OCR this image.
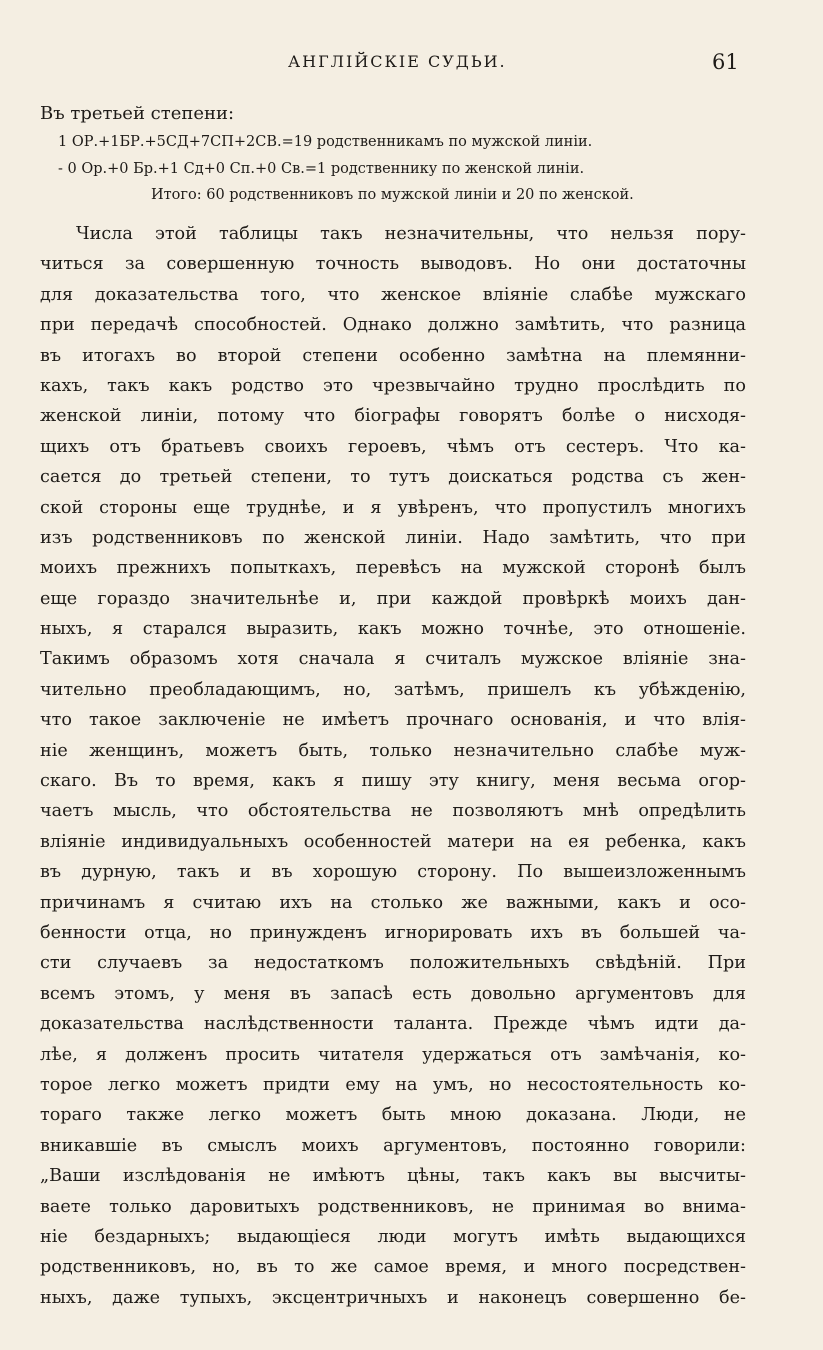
АНГЛІЙСКІЕ СУДЬИ.	61
Въ третьей степени:
1 ОР.+1БР.+5СД+7СП+2СВ.=19 родственникамъ по мужской линіи.
- 0 Ор.+0 Бр.+1 Сд+0 Сп.+0 Св.=1 родственнику по женской линіи.
Итого: 60 родственниковъ по мужской линіи и 20 по женской.
Числа этой таблицы такъ незначительны, что нельзя пору-
читься за совершенную точность выводовъ. Но они достаточны
для доказательства того, что женское вліяніе слабѣе мужскаго
при передачѣ способностей. Однако должно замѣтить, что разница
въ итогахъ во второй степени особенно замѣтна на племянни-
кахъ, такъ какъ родство это чрезвычайно трудно прослѣдить по
женской линіи, потому что біографы говорятъ болѣе о нисходя-
щихъ отъ братьевъ своихъ героевъ, чѣмъ отъ сестеръ. Что ка-
сается до третьей степени, то тутъ доискаться родства съ жен-
ской стороны еще труднѣе, и я увѣренъ, что пропустилъ многихъ
изъ родственниковъ по женской линіи. Надо замѣтить, что при
моихъ прежнихъ попыткахъ, перевѣсъ на мужской сторонѣ былъ
еще гораздо значительнѣе и, при каждой провѣркѣ моихъ дан-
ныхъ, я старался выразить, какъ можно точнѣе, это отношеніе.
Такимъ образомъ хотя сначала я считалъ мужское вліяніе зна-
чительно преобладающимъ, но, затѣмъ, пришелъ къ убѣжденію,
что такое заключеніе не имѣетъ прочнаго основанія, и что влія-
ніе женщинъ, можетъ быть, только незначительно слабѣе муж-
скаго. Въ то время, какъ я пишу эту книгу, меня весьма огор-
чаетъ мысль, что обстоятельства не позволяютъ мнѣ опредѣлить
вліяніе индивидуальныхъ особенностей матери на ея ребенка, какъ
въ дурную, такъ и въ хорошую сторону. По вышеизложеннымъ
причинамъ я считаю ихъ на столько же важными, какъ и осо-
бенности отца, но принужденъ игнорировать ихъ въ большей ча-
сти случаевъ за недостаткомъ положительныхъ свѣдѣній. При
всемъ этомъ, у меня въ запасѣ есть довольно аргументовъ для
доказательства наслѣдственности таланта. Прежде чѣмъ идти да-
лѣе, я долженъ просить читателя удержаться отъ замѣчанія, ко-
торое легко можетъ придти ему на умъ, но несостоятельность ко-
тораго также легко можетъ быть мною доказана. Люди, не
вникавшіе въ смыслъ моихъ аргументовъ, постоянно говорили:
„Ваши изслѣдованія не имѣютъ цѣны, такъ какъ вы высчиты-
ваете только даровитыхъ родственниковъ, не принимая во внима-
ніе бездарныхъ; выдающіеся люди могутъ имѣть выдающихся
родственниковъ, но, въ то же самое время, и много посредствен-
ныхъ, даже тупыхъ, эксцентричныхъ и наконецъ совершенно бе-
